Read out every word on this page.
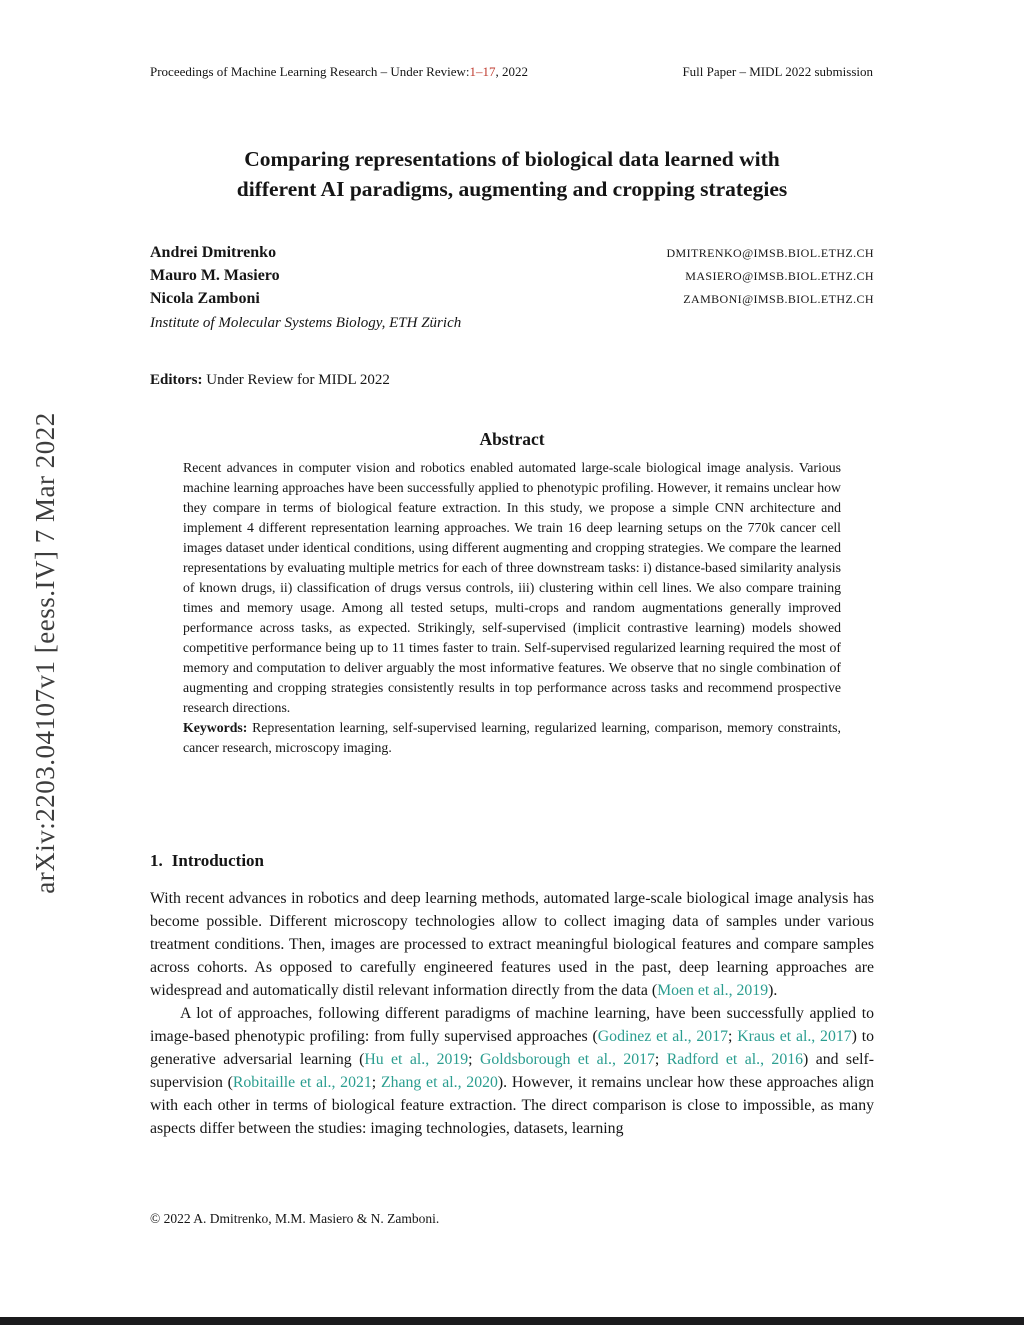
arXiv:2203.04107v1 [eess.IV] 7 Mar 2022
Proceedings of Machine Learning Research – Under Review:1–17, 2022	Full Paper – MIDL 2022 submission
Comparing representations of biological data learned with
different AI paradigms, augmenting and cropping strategies
Andrei Dmitrenko	DMITRENKO@IMSB.BIOL.ETHZ.CH
Mauro M. Masiero	MASIERO@IMSB.BIOL.ETHZ.CH
Nicola Zamboni	ZAMBONI@IMSB.BIOL.ETHZ.CH
Institute of Molecular Systems Biology, ETH Zürich
Editors: Under Review for MIDL 2022
Abstract

Recent advances in computer vision and robotics enabled automated large-scale biological image analysis. Various machine learning approaches have been successfully applied to phenotypic profiling. However, it remains unclear how they compare in terms of biological feature extraction. In this study, we propose a simple CNN architecture and implement 4 different representation learning approaches. We train 16 deep learning setups on the 770k cancer cell images dataset under identical conditions, using different augmenting and cropping strategies. We compare the learned representations by evaluating multiple metrics for each of three downstream tasks: i) distance-based similarity analysis of known drugs, ii) classification of drugs versus controls, iii) clustering within cell lines. We also compare training times and memory usage. Among all tested setups, multi-crops and random augmentations generally improved performance across tasks, as expected. Strikingly, self-supervised (implicit contrastive learning) models showed competitive performance being up to 11 times faster to train. Self-supervised regularized learning required the most of memory and computation to deliver arguably the most informative features. We observe that no single combination of augmenting and cropping strategies consistently results in top performance across tasks and recommend prospective research directions.

Keywords: Representation learning, self-supervised learning, regularized learning, comparison, memory constraints, cancer research, microscopy imaging.

1. Introduction

With recent advances in robotics and deep learning methods, automated large-scale biological image analysis has become possible. Different microscopy technologies allow to collect imaging data of samples under various treatment conditions. Then, images are processed to extract meaningful biological features and compare samples across cohorts. As opposed to carefully engineered features used in the past, deep learning approaches are widespread and automatically distil relevant information directly from the data (Moen et al., 2019).

A lot of approaches, following different paradigms of machine learning, have been successfully applied to image-based phenotypic profiling: from fully supervised approaches (Godinez et al., 2017; Kraus et al., 2017) to generative adversarial learning (Hu et al., 2019; Goldsborough et al., 2017; Radford et al., 2016) and self-supervision (Robitaille et al., 2021; Zhang et al., 2020). However, it remains unclear how these approaches align with each other in terms of biological feature extraction. The direct comparison is close to impossible, as many aspects differ between the studies: imaging technologies, datasets, learning

© 2022 A. Dmitrenko, M.M. Masiero & N. Zamboni.
